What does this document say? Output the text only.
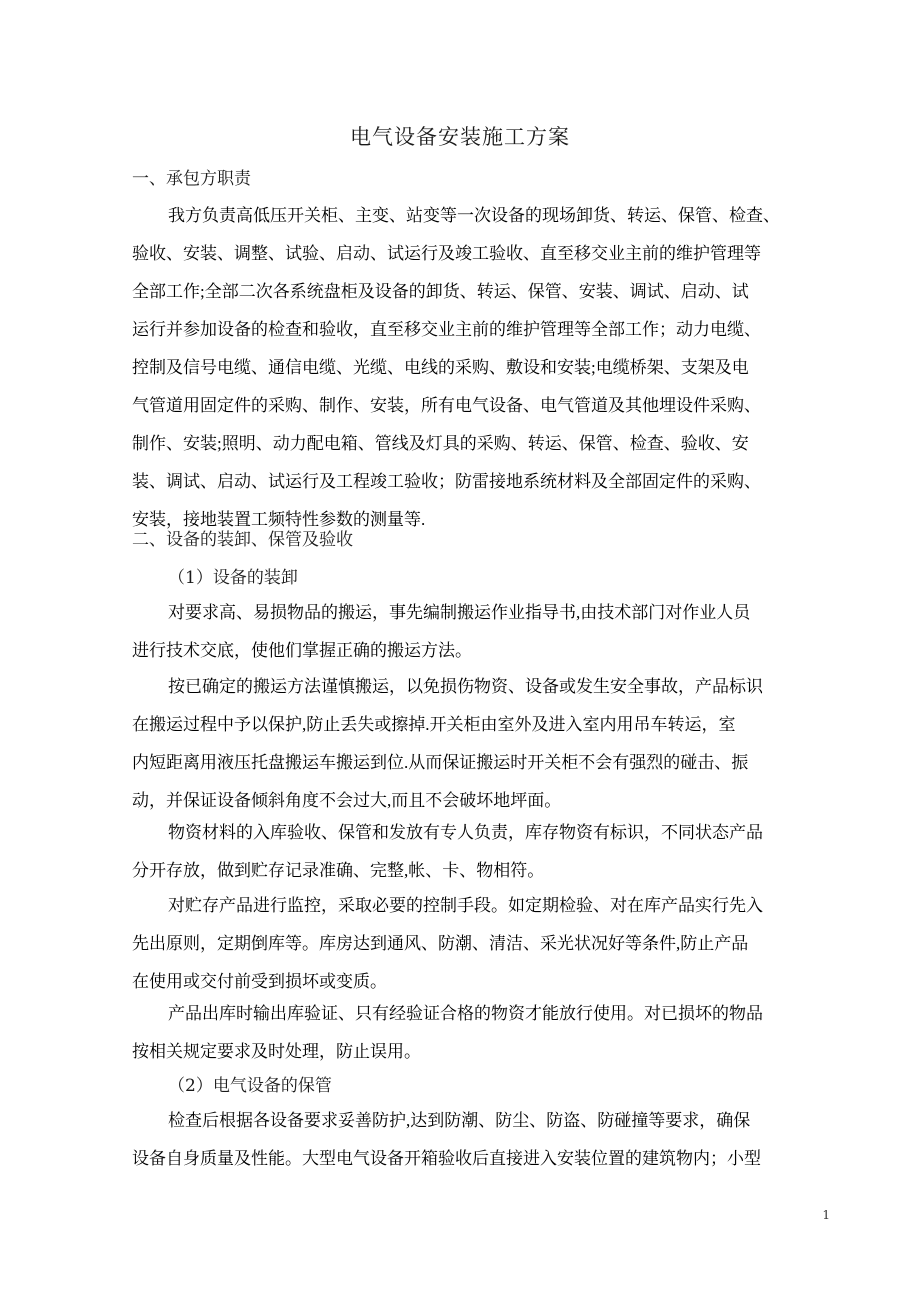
电气设备安装施工方案
一、承包方职责
我方负责高低压开关柜、主变、站变等一次设备的现场卸货、转运、保管、检查、
验收、安装、调整、试验、启动、试运行及竣工验收、直至移交业主前的维护管理等
全部工作;全部二次各系统盘柜及设备的卸货、转运、保管、安装、调试、启动、试
运行并参加设备的检查和验收，直至移交业主前的维护管理等全部工作；动力电缆、
控制及信号电缆、通信电缆、光缆、电线的采购、敷设和安装;电缆桥架、支架及电
气管道用固定件的采购、制作、安装，所有电气设备、电气管道及其他埋设件采购、
制作、安装;照明、动力配电箱、管线及灯具的采购、转运、保管、检查、验收、安
装、调试、启动、试运行及工程竣工验收；防雷接地系统材料及全部固定件的采购、
安装，接地装置工频特性参数的测量等.
二、设备的装卸、保管及验收
（1）设备的装卸
对要求高、易损物品的搬运，事先编制搬运作业指导书,由技术部门对作业人员
进行技术交底，使他们掌握正确的搬运方法。
按已确定的搬运方法谨慎搬运，以免损伤物资、设备或发生安全事故，产品标识
在搬运过程中予以保护,防止丢失或擦掉.开关柜由室外及进入室内用吊车转运，室
内短距离用液压托盘搬运车搬运到位.从而保证搬运时开关柜不会有强烈的碰击、振
动，并保证设备倾斜角度不会过大,而且不会破坏地坪面。
物资材料的入库验收、保管和发放有专人负责，库存物资有标识，不同状态产品
分开存放，做到贮存记录准确、完整,帐、卡、物相符。
对贮存产品进行监控，采取必要的控制手段。如定期检验、对在库产品实行先入
先出原则，定期倒库等。库房达到通风、防潮、清洁、采光状况好等条件,防止产品
在使用或交付前受到损坏或变质。
产品出库时输出库验证、只有经验证合格的物资才能放行使用。对已损坏的物品
按相关规定要求及时处理，防止误用。
（2）电气设备的保管
检查后根据各设备要求妥善防护,达到防潮、防尘、防盗、防碰撞等要求，确保
设备自身质量及性能。大型电气设备开箱验收后直接进入安装位置的建筑物内；小型
1
